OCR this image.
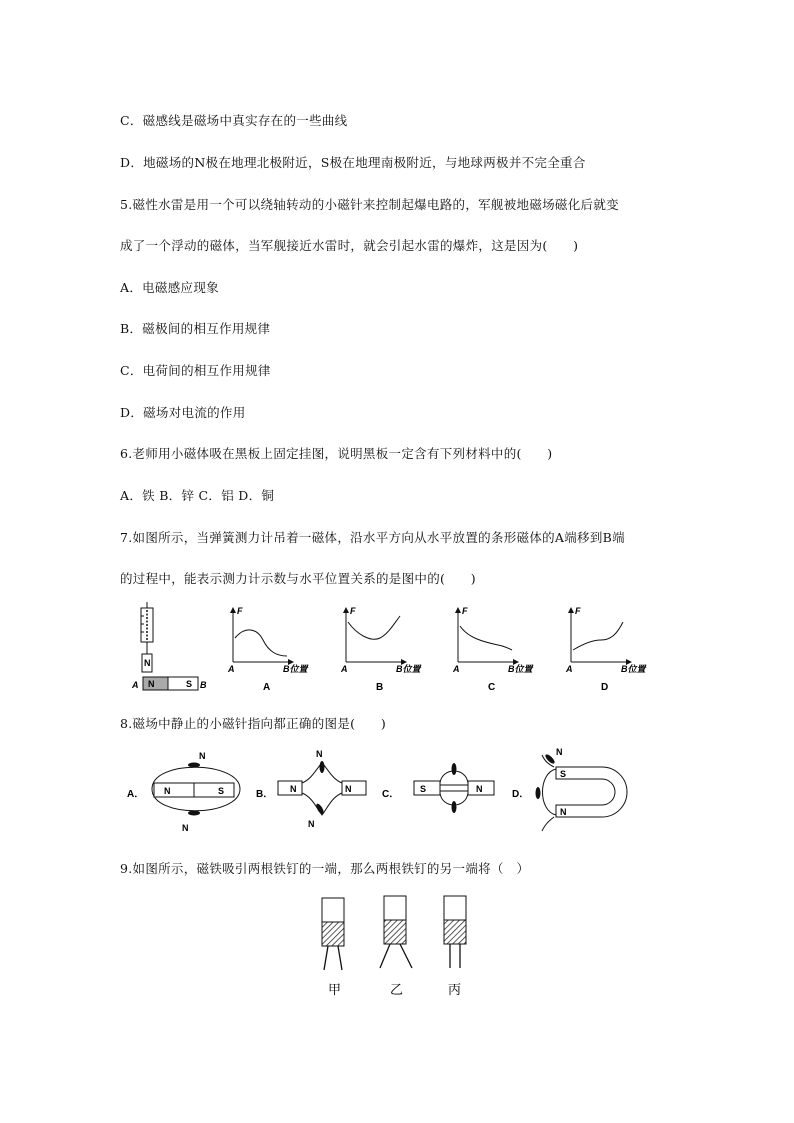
C．磁感线是磁场中真实存在的一些曲线
D．地磁场的N极在地理北极附近，S极在地理南极附近，与地球两极并不完全重合
5.磁性水雷是用一个可以绕轴转动的小磁针来控制起爆电路的，军舰被地磁场磁化后就变
成了一个浮动的磁体，当军舰接近水雷时，就会引起水雷的爆炸，这是因为(　　)
A．电磁感应现象
B．磁极间的相互作用规律
C．电荷间的相互作用规律
D．磁场对电流的作用
6.老师用小磁体吸在黑板上固定挂图，说明黑板一定含有下列材料中的(　　)
A．铁 B．锌 C．铝 D．铜
7.如图所示，当弹簧测力计吊着一磁体，沿水平方向从水平放置的条形磁体的A端移到B端
的过程中，能表示测力计示数与水平位置关系的是图中的(　　)
N
N	S
A	B
F
A	B位置
A
F
A	B位置
B
F
A	B位置
C
F
A	B位置
D
8.磁场中静止的小磁针指向都正确的图是(　　)
A． N	S
N
N
B． N	N
N
N
C． S	N	D．
S
N
N
9.如图所示，磁铁吸引两根铁钉的一端，那么两根铁钉的另一端将（　）
甲	乙	丙
